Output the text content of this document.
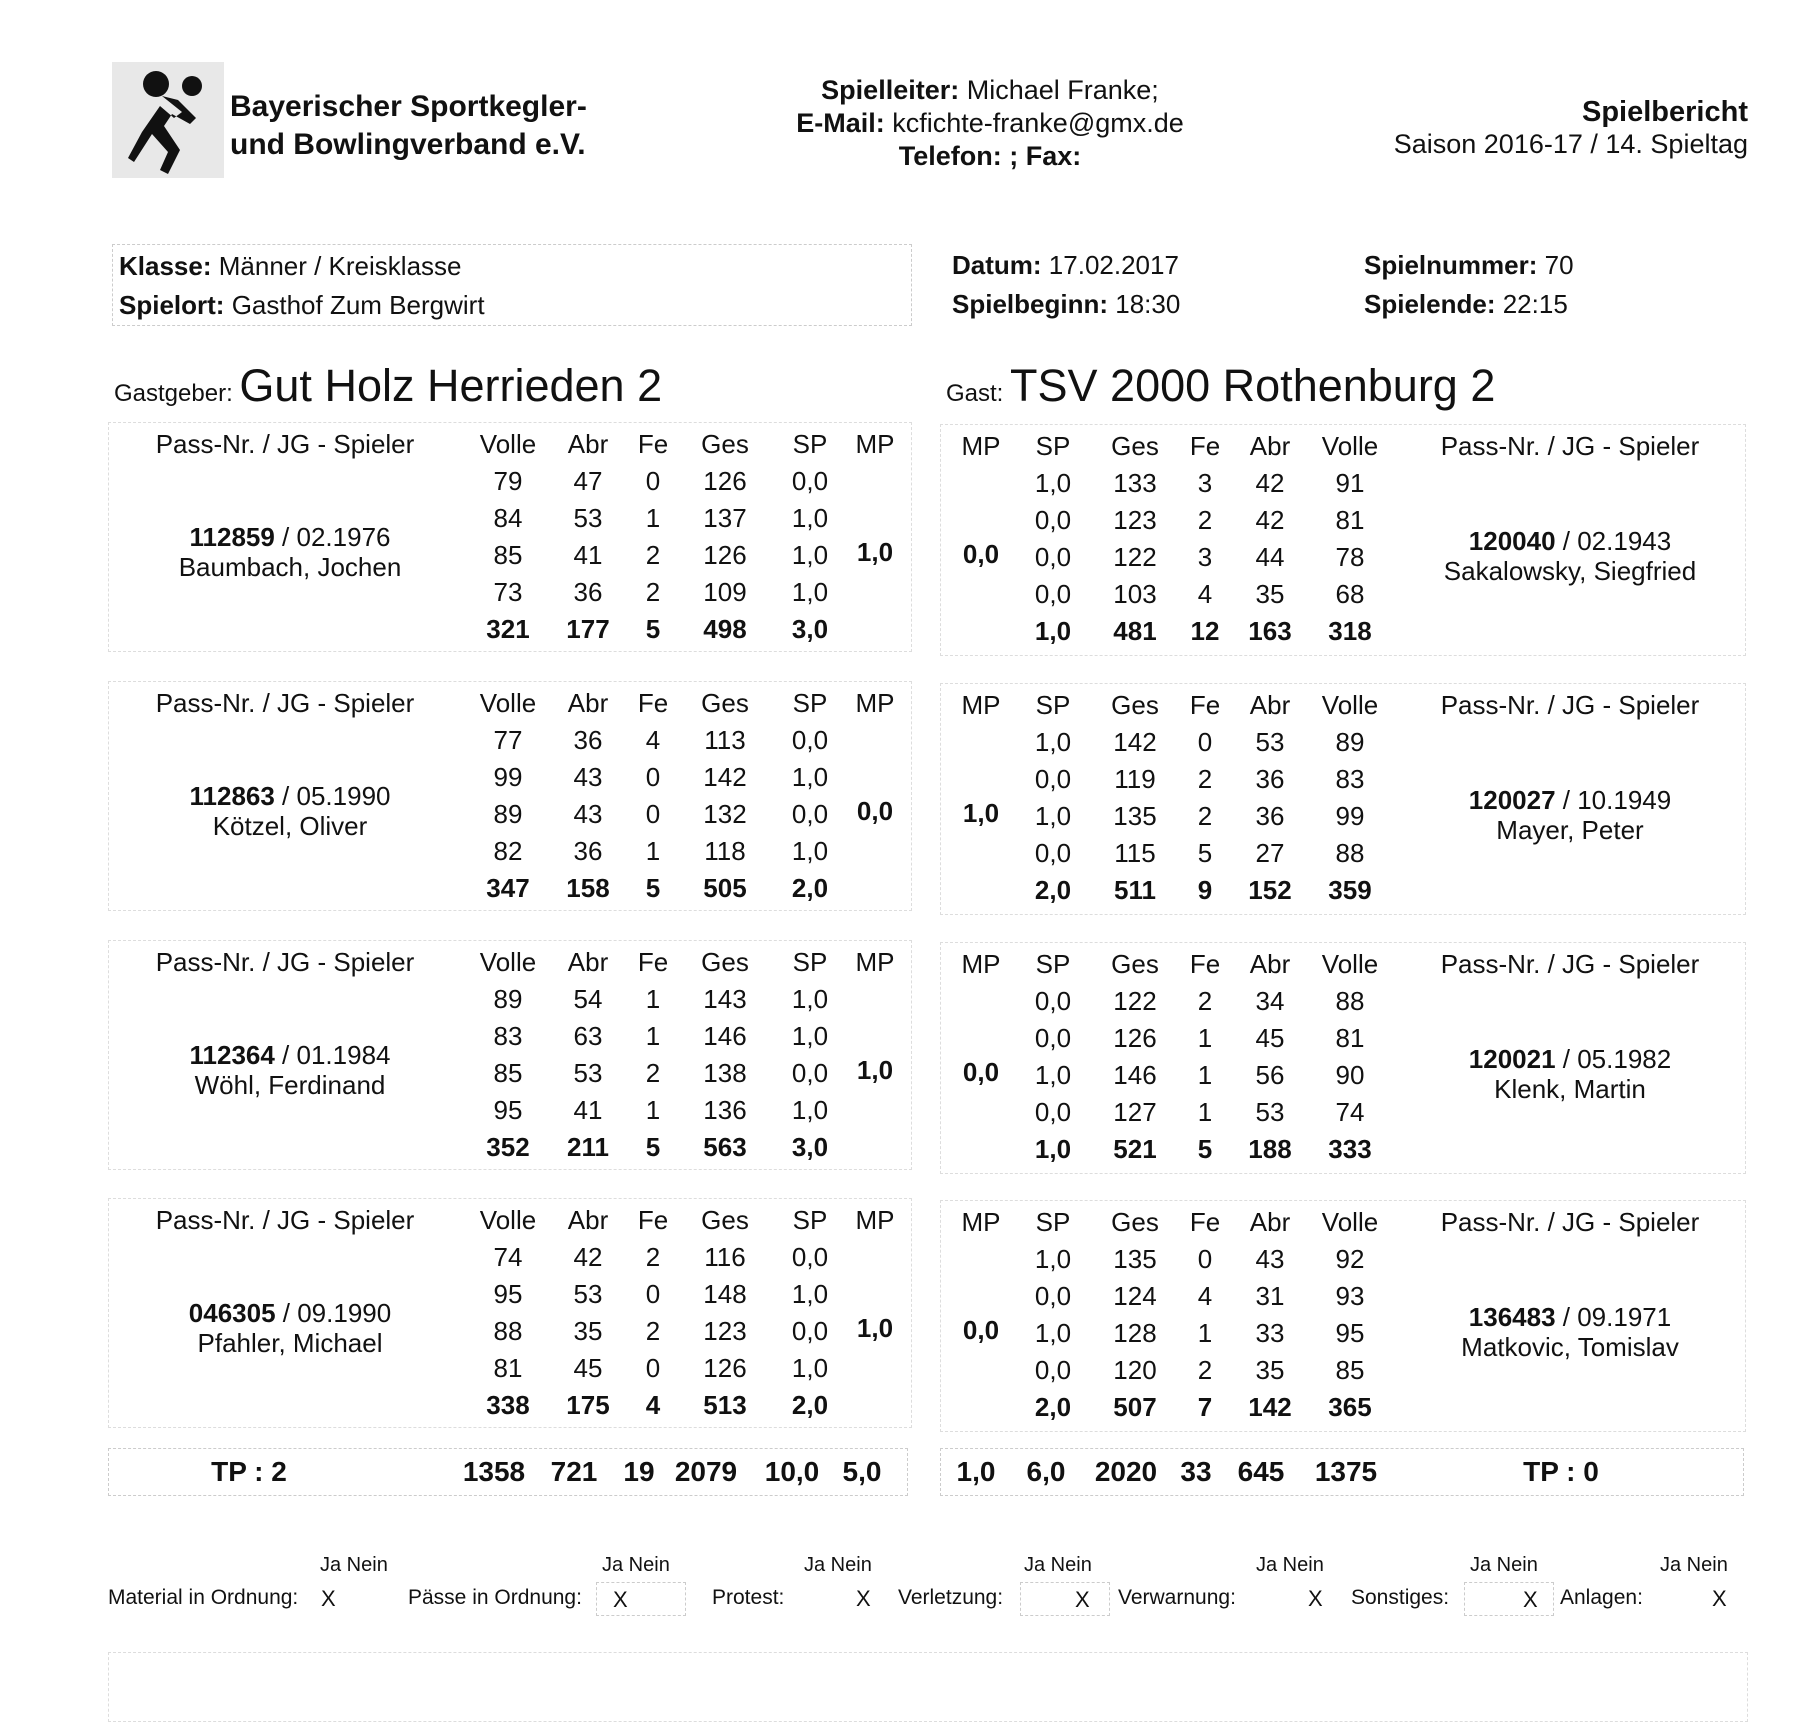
Bayerischer Sportkegler-
und Bowlingverband e.V.
Spielleiter: Michael Franke;
E-Mail: kcfichte-franke@gmx.de
Telefon: ; Fax:
Spielbericht
Saison 2016-17 / 14. Spieltag
Klasse: Männer / Kreisklasse
Spielort: Gasthof Zum Bergwirt
Datum: 17.02.2017
Spielbeginn: 18:30
Spielnummer: 70
Spielende: 22:15
Gastgeber: Gut Holz Herrieden 2	Gast: TSV 2000 Rothenburg 2
Pass-Nr. / JG - Spieler	Volle	Abr	Fe	Ges	SP	MP
79	47	0	126	0,0
84	53	1	137	1,0
85	41	2	126	1,0
73	36	2	109	1,0
321	177	5	498	3,0
112859 / 02.1976
Baumbach, Jochen	1,0
MP	SP	Ges	Fe	Abr	Volle	Pass-Nr. / JG - Spieler
1,0	133	3	42	91
0,0	123	2	42	81
0,0	122	3	44	78
0,0	103	4	35	68
1,0	481	12	163	318
120040 / 02.1943
Sakalowsky, Siegfried
0,0
Pass-Nr. / JG - Spieler	Volle	Abr	Fe	Ges	SP	MP
77	36	4	113	0,0
99	43	0	142	1,0
89	43	0	132	0,0
82	36	1	118	1,0
347	158	5	505	2,0
112863 / 05.1990
Kötzel, Oliver	0,0
MP	SP	Ges	Fe	Abr	Volle	Pass-Nr. / JG - Spieler
1,0	142	0	53	89
0,0	119	2	36	83
1,0	135	2	36	99
0,0	115	5	27	88
2,0	511	9	152	359
120027 / 10.1949
Mayer, Peter
1,0
Pass-Nr. / JG - Spieler	Volle	Abr	Fe	Ges	SP	MP
89	54	1	143	1,0
83	63	1	146	1,0
85	53	2	138	0,0
95	41	1	136	1,0
352	211	5	563	3,0
112364 / 01.1984
Wöhl, Ferdinand	1,0
MP	SP	Ges	Fe	Abr	Volle	Pass-Nr. / JG - Spieler
0,0	122	2	34	88
0,0	126	1	45	81
1,0	146	1	56	90
0,0	127	1	53	74
1,0	521	5	188	333
120021 / 05.1982
Klenk, Martin
0,0
Pass-Nr. / JG - Spieler	Volle	Abr	Fe	Ges	SP	MP
74	42	2	116	0,0
95	53	0	148	1,0
88	35	2	123	0,0
81	45	0	126	1,0
338	175	4	513	2,0
046305 / 09.1990
Pfahler, Michael	1,0
MP	SP	Ges	Fe	Abr	Volle	Pass-Nr. / JG - Spieler
1,0	135	0	43	92
0,0	124	4	31	93
1,0	128	1	33	95
0,0	120	2	35	85
2,0	507	7	142	365
136483 / 09.1971
Matkovic, Tomislav
0,0
TP : 2	1358 721 19 2079 10,0 5,0	1,0	6,0	2020 33 645	1375	TP : 0
Ja Nein
Material in Ordnung: X
Ja Nein
Pässe in Ordnung: X
Ja Nein
Protest:	X
Ja Nein
Verletzung:	X
Ja Nein
Verwarnung:	X
Ja Nein
Sonstiges:	X
Ja Nein
Anlagen:	X
